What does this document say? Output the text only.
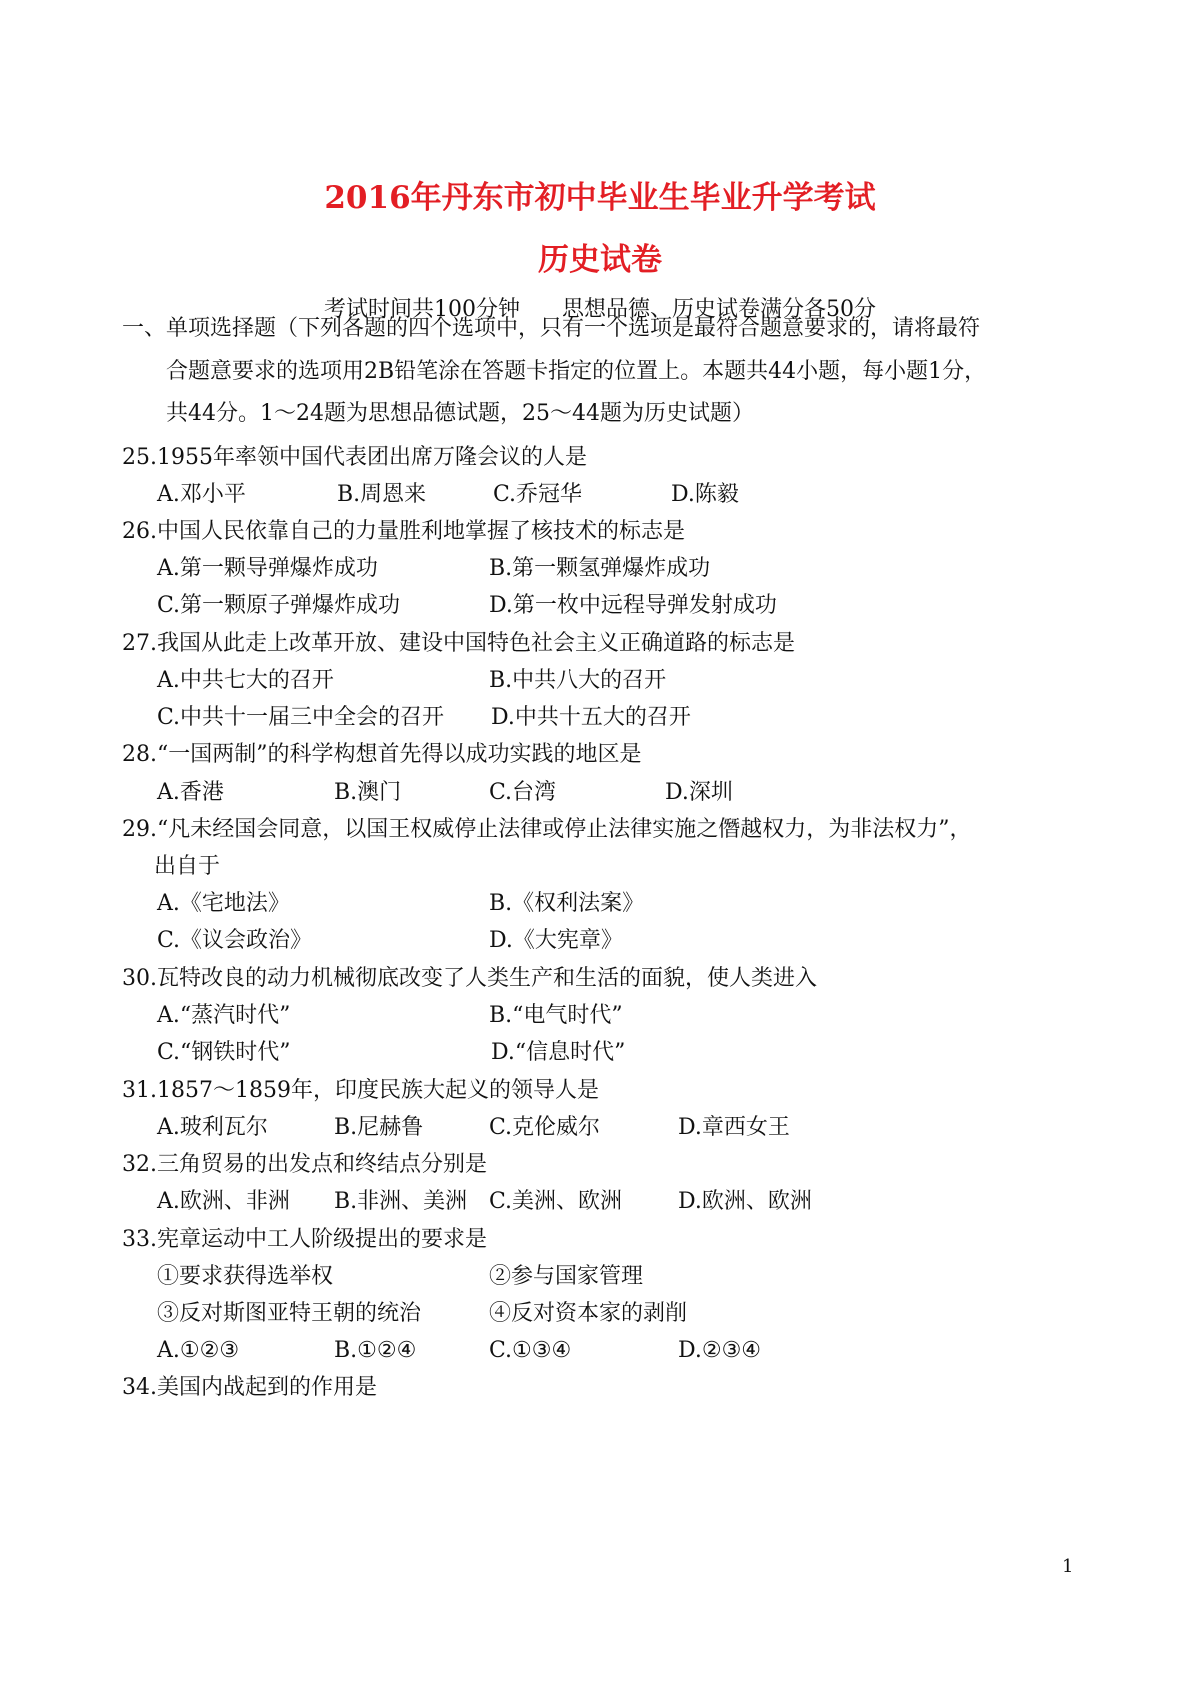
2016年丹东市初中毕业生毕业升学考试
历史试卷
考试时间共100分钟      思想品德、历史试卷满分各50分
一、单项选择题（下列各题的四个选项中，只有一个选项是最符合题意要求的，请将最符
合题意要求的选项用2B铅笔涂在答题卡指定的位置上。本题共44小题，每小题1分，
共44分。1～24题为思想品德试题，25～44题为历史试题）
25.1955年率领中国代表团出席万隆会议的人是
A.邓小平	B.周恩来	C.乔冠华	D.陈毅
26.中国人民依靠自己的力量胜利地掌握了核技术的标志是
A.第一颗导弹爆炸成功	B.第一颗氢弹爆炸成功
C.第一颗原子弹爆炸成功	D.第一枚中远程导弹发射成功
27.我国从此走上改革开放、建设中国特色社会主义正确道路的标志是
A.中共七大的召开	B.中共八大的召开
C.中共十一届三中全会的召开 D.中共十五大的召开
28.“一国两制”的科学构想首先得以成功实践的地区是
A.香港	B.澳门	C.台湾	D.深圳
29.“凡未经国会同意，以国王权威停止法律或停止法律实施之僭越权力，为非法权力”，
出自于
A.《宅地法》	B.《权利法案》
C.《议会政治》	D.《大宪章》
30.瓦特改良的动力机械彻底改变了人类生产和生活的面貌，使人类进入
A.“蒸汽时代”	B.“电气时代”
C.“钢铁时代”	D.“信息时代”
31.1857～1859年，印度民族大起义的领导人是
A.玻利瓦尔	B.尼赫鲁	C.克伦威尔	D.章西女王
32.三角贸易的出发点和终结点分别是
A.欧洲、非洲 B.非洲、美洲 C.美洲、欧洲	D.欧洲、欧洲
33.宪章运动中工人阶级提出的要求是
①要求获得选举权	②参与国家管理
③反对斯图亚特王朝的统治	④反对资本家的剥削
A.①②③	B.①②④	C.①③④	D.②③④
34.美国内战起到的作用是
1
